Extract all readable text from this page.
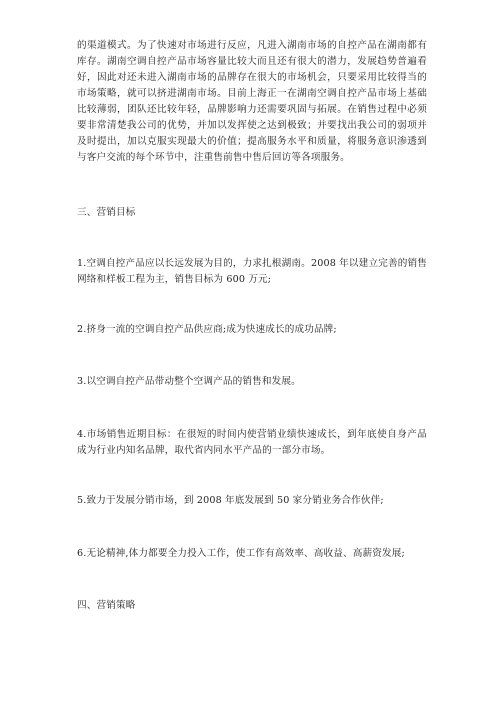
的渠道模式。为了快速对市场进行反应，凡进入湖南市场的自控产品在湖南都有库存。湖南空调自控产品市场容量比较大而且还有很大的潜力，发展趋势普遍看好，因此对还未进入湖南市场的品牌存在很大的市场机会，只要采用比较得当的市场策略，就可以挤进湖南市场。目前上海正一在湖南空调自控产品市场上基础比较薄弱，团队还比较年轻，品牌影响力还需要巩固与拓展。在销售过程中必须要非常清楚我公司的优势，并加以发挥使之达到极致；并要找出我公司的弱项并及时提出，加以克服实现最大的价值；提高服务水平和质量，将服务意识渗透到与客户交流的每个环节中，注重售前售中售后回访等各项服务。

三、营销目标

1.空调自控产品应以长远发展为目的，力求扎根湖南。2008 年以建立完善的销售网络和样板工程为主，销售目标为 600 万元;

2.挤身一流的空调自控产品供应商;成为快速成长的成功品牌;

3.以空调自控产品带动整个空调产品的销售和发展。

4.市场销售近期目标：在很短的时间内使营销业绩快速成长，到年底使自身产品成为行业内知名品牌，取代省内同水平产品的一部分市场。

5.致力于发展分销市场，到 2008 年底发展到 50 家分销业务合作伙伴;

6.无论精神,体力都要全力投入工作，使工作有高效率、高收益、高薪资发展;

四、营销策略
